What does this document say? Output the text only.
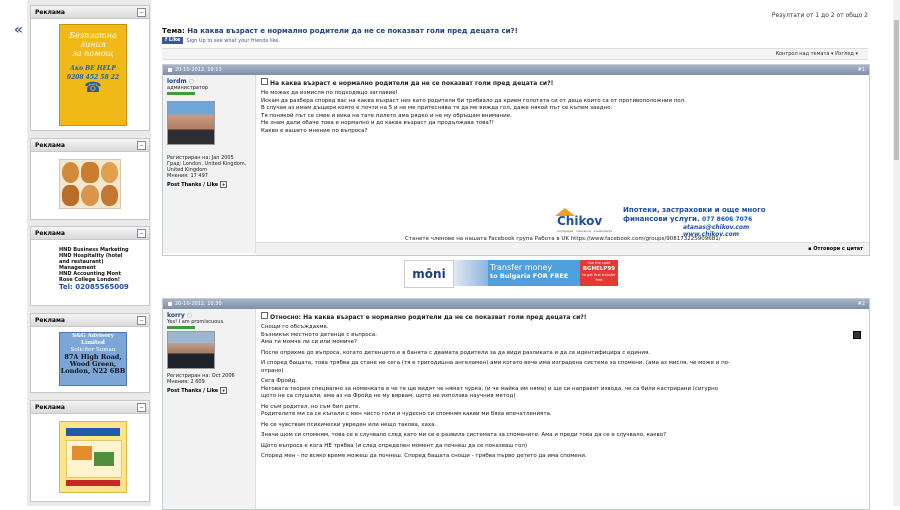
«
Реклама	−
Безплатна
линия
за помощ
Ако ВЕ HELP
0208 452 58 22
☎
Реклама	−
Реклама	−
HND Business Marketing
HND Hospitality (hotel
and restaurant)
Management
HND Accounting Mont
Rose College London!
Tel: 02085565009
Реклама	−
S&G Advisory Limited
Solicitor Suman
87A High Road,
Wood Green,
London, N22 6BB
Реклама	−
Резултати от 1 до 2 от общо 2
Тема: На каква възраст е нормално родители да не се показват голи пред децата си?!
f Like	Sign Up to see what your friends like.
Контрол над темата ▾ Изглед ▾
20-10-2012, 10:13	#1
lordm ○
администратор
Регистриран на: Jan 2005
Град: London, United Kingdom, United Kingdom
Мнения: 17 497
Post Thanks / Like +
На каква възраст е нормално родители да не се показват голи пред децата си?!
Не можах да измисля по подходящо заглавие!
Искам да разбера според вас на каква възраст низ като родители би трябвало да крием голотата си от деца които са от противоположния пол.
В случая аз имам дъщеря която е почти на 5 и не ме притеснява тя да ме вижда гол, даже някой път се къпем заедно.
Тя понякой път се смее и вика на тате пилето ама рядко и не му обръщам внимание.
Не знам дали обаче това е нормално и до каква възраст да продължава това?!
Какво е вашето мнение по въпроса?
Chikov
mortgages · insurance · investments
Ипотеки, застраховки и още много
финансови услуги. 077 8606 7076
atanas@chikov.com
www.chikov.com
Станете членове на нашата Facebook група Работа в UK https://www.facebook.com/groups/908173225909681/
▪ Отговори с цитат
mōni	Transfer money
to Bulgaria FOR FREE
Use the code
BGHELP99
to get first transfer free
20-10-2012, 10:30	#2
korry ○
Yes! I am promiscuous.
Регистриран на: Oct 2006
Мнения: 2 609
Post Thanks / Like +
Относно: На каква възраст е нормално родители да не се показват голи пред децата си?!

Снощи го обсъждахме.
Бъзникък местното детенце с въпроса:
Ама ти момче ли си или момиче?

После опряхме до въпроса, когато детенцето е в банята с двамата родители за да види разликата и да се идентифицира с единия.

И според бащата, това трябва да стане не сега (тя е тригодишна ангеламен) ами когато вече има изградена система за спомени. (ама аз мисля, че може и по-отрано)

Сега Фройд.
Неговата теория специално за номенката е че те ще видят че нямат чурка, (и че майка им няма) и ще си направят извода, че са били кастрирани (сигурно щото не са слушали, ама аз на Фройд не му вярвам, щото не използва научния метод)

Не съм родител, но съм бил дете.
Родителите ми са се къпали с мен чисто голи и чудесно си спомням какви ми бяха впечатленията.

Не се чувствам психически увреден или нещо такова, хаха.

Значи щом си спомням, това се е случвало след като ми се е развила системата за спомените. Ама и преди това да се е случвало, какво?

Щото въпроса е кога НЕ трябва (и след определен момент да почнеш да се показваш гол)

Според мен - по всяко време можеш да почнеш. Според бащата снощи - трябва първо детето да има спомени.
